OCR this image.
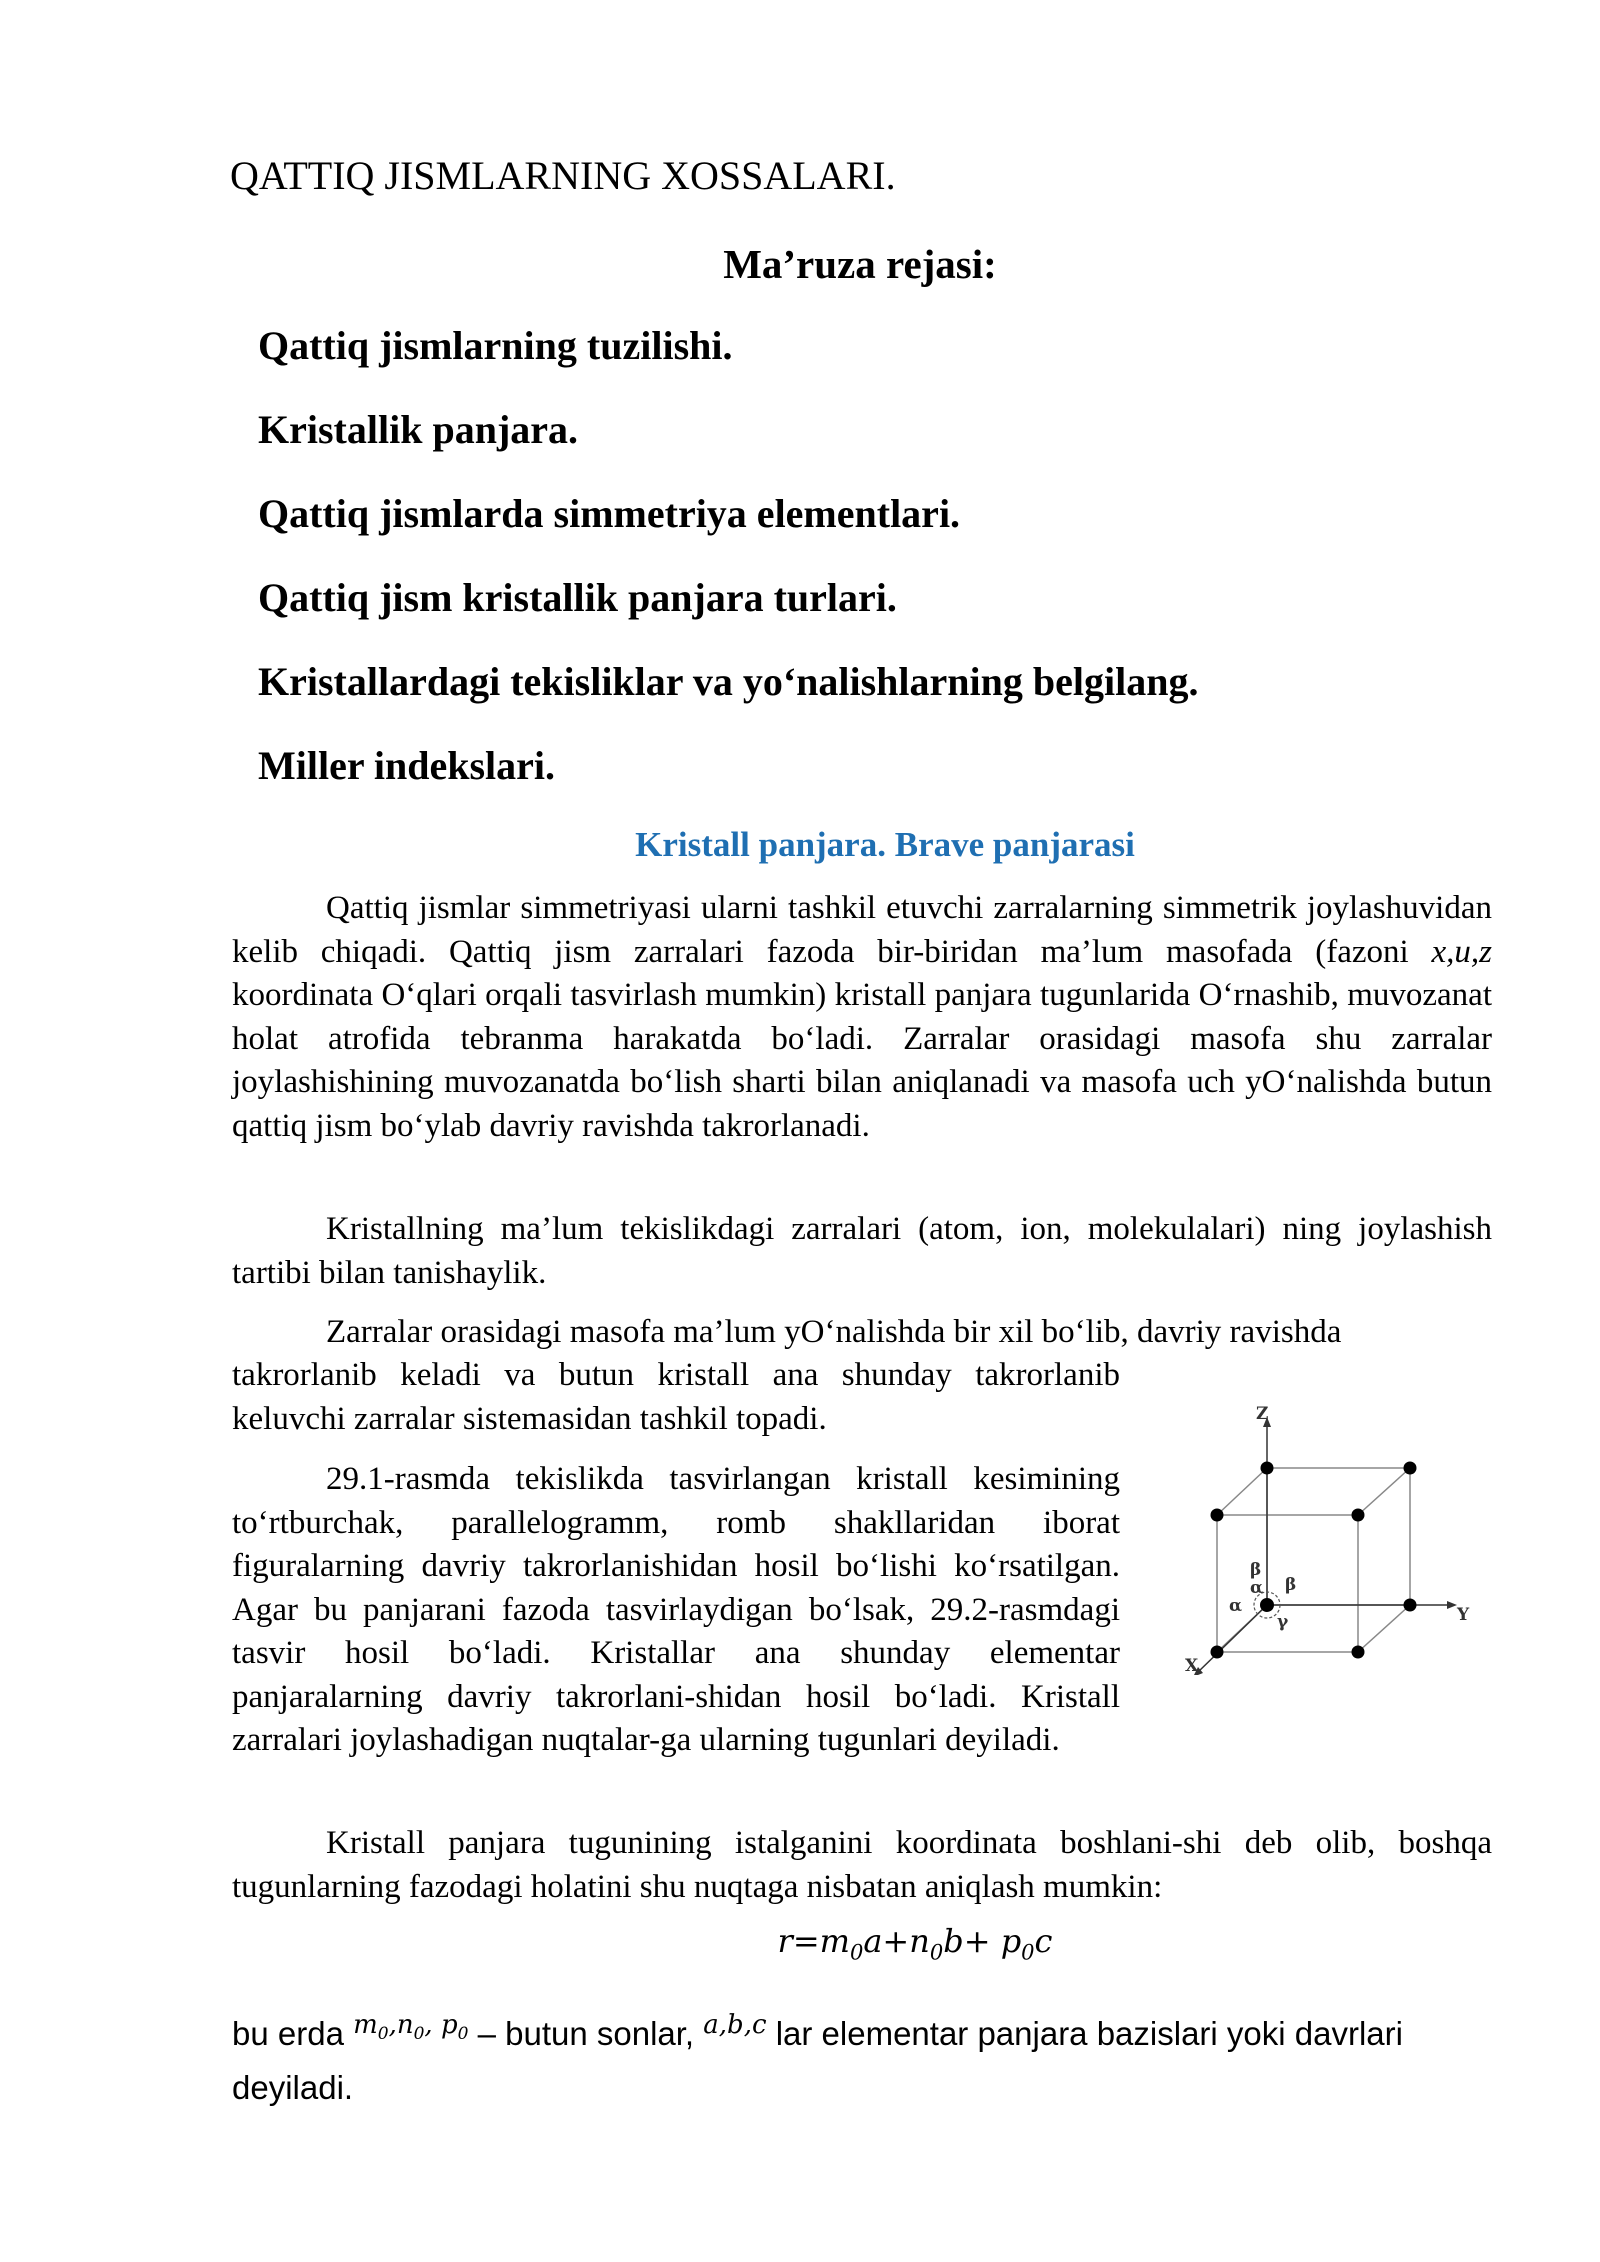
QATTIQ JISMLARNING XOSSALARI.
Ma’ruza rejasi:
Qattiq jismlarning tuzilishi.
Kristallik panjara.
Qattiq jismlarda simmetriya elementlari.
Qattiq jism kristallik panjara turlari.
Kristallardagi tekisliklar va yo‘nalishlarning belgilang.
Miller indekslari.
Kristall panjara. Brave panjarasi

Qattiq jismlar simmetriyasi ularni tashkil etuvchi zarralarning simmetrik joylashuvidan kelib chiqadi. Qattiq jism zarralari fazoda bir-biridan ma’lum masofada (fazoni x,u,z koordinata O‘qlari orqali tasvirlash mumkin) kristall panjara tugunlarida O‘rnashib, muvozanat holat atrofida tebranma harakatda bo‘ladi. Zarralar orasidagi masofa shu zarralar joylashishining muvozanatda bo‘lish sharti bilan aniqlanadi va masofa uch yO‘nalishda butun qattiq jism bo‘ylab davriy ravishda takrorlanadi.

Kristallning ma’lum tekislikdagi zarralari (atom, ion, molekulalari) ning joylashish tartibi bilan tanishaylik.

Zarralar orasidagi masofa ma’lum yO‘nalishda bir xil bo‘lib, davriy ravishda

takrorlanib keladi va butun kristall ana shunday takrorlanib keluvchi zarralar sistemasidan tashkil topadi.

29.1-rasmda tekislikda tasvirlangan kristall kesimining to‘rtburchak, parallelogramm, romb shakllaridan iborat figuralarning davriy takrorlanishidan hosil bo‘lishi ko‘rsatilgan. Agar bu panjarani fazoda tasvirlaydigan bo‘lsak, 29.2-rasmdagi tasvir hosil bo‘ladi. Kristallar ana shunday elementar panjaralarning davriy takrorlani-shidan hosil bo‘ladi. Kristall zarralari joylashadigan nuqtalar-ga ularning tugunlari deyiladi.

Kristall panjara tugunining istalganini koordinata boshlani-shi deb olib, boshqa tugunlarning fazodagi holatini shu nuqtaga nisbatan aniqlash mumkin:

$r=m_0a+n_0b+ p_0c$
bu erda $^{m_0,n_0, p_0}$ – butun sonlar, $^{a,b,c}$ lar elementar panjara bazislari yoki davrlari deyiladi.
Z
Y
X
β
α β
α
γ
